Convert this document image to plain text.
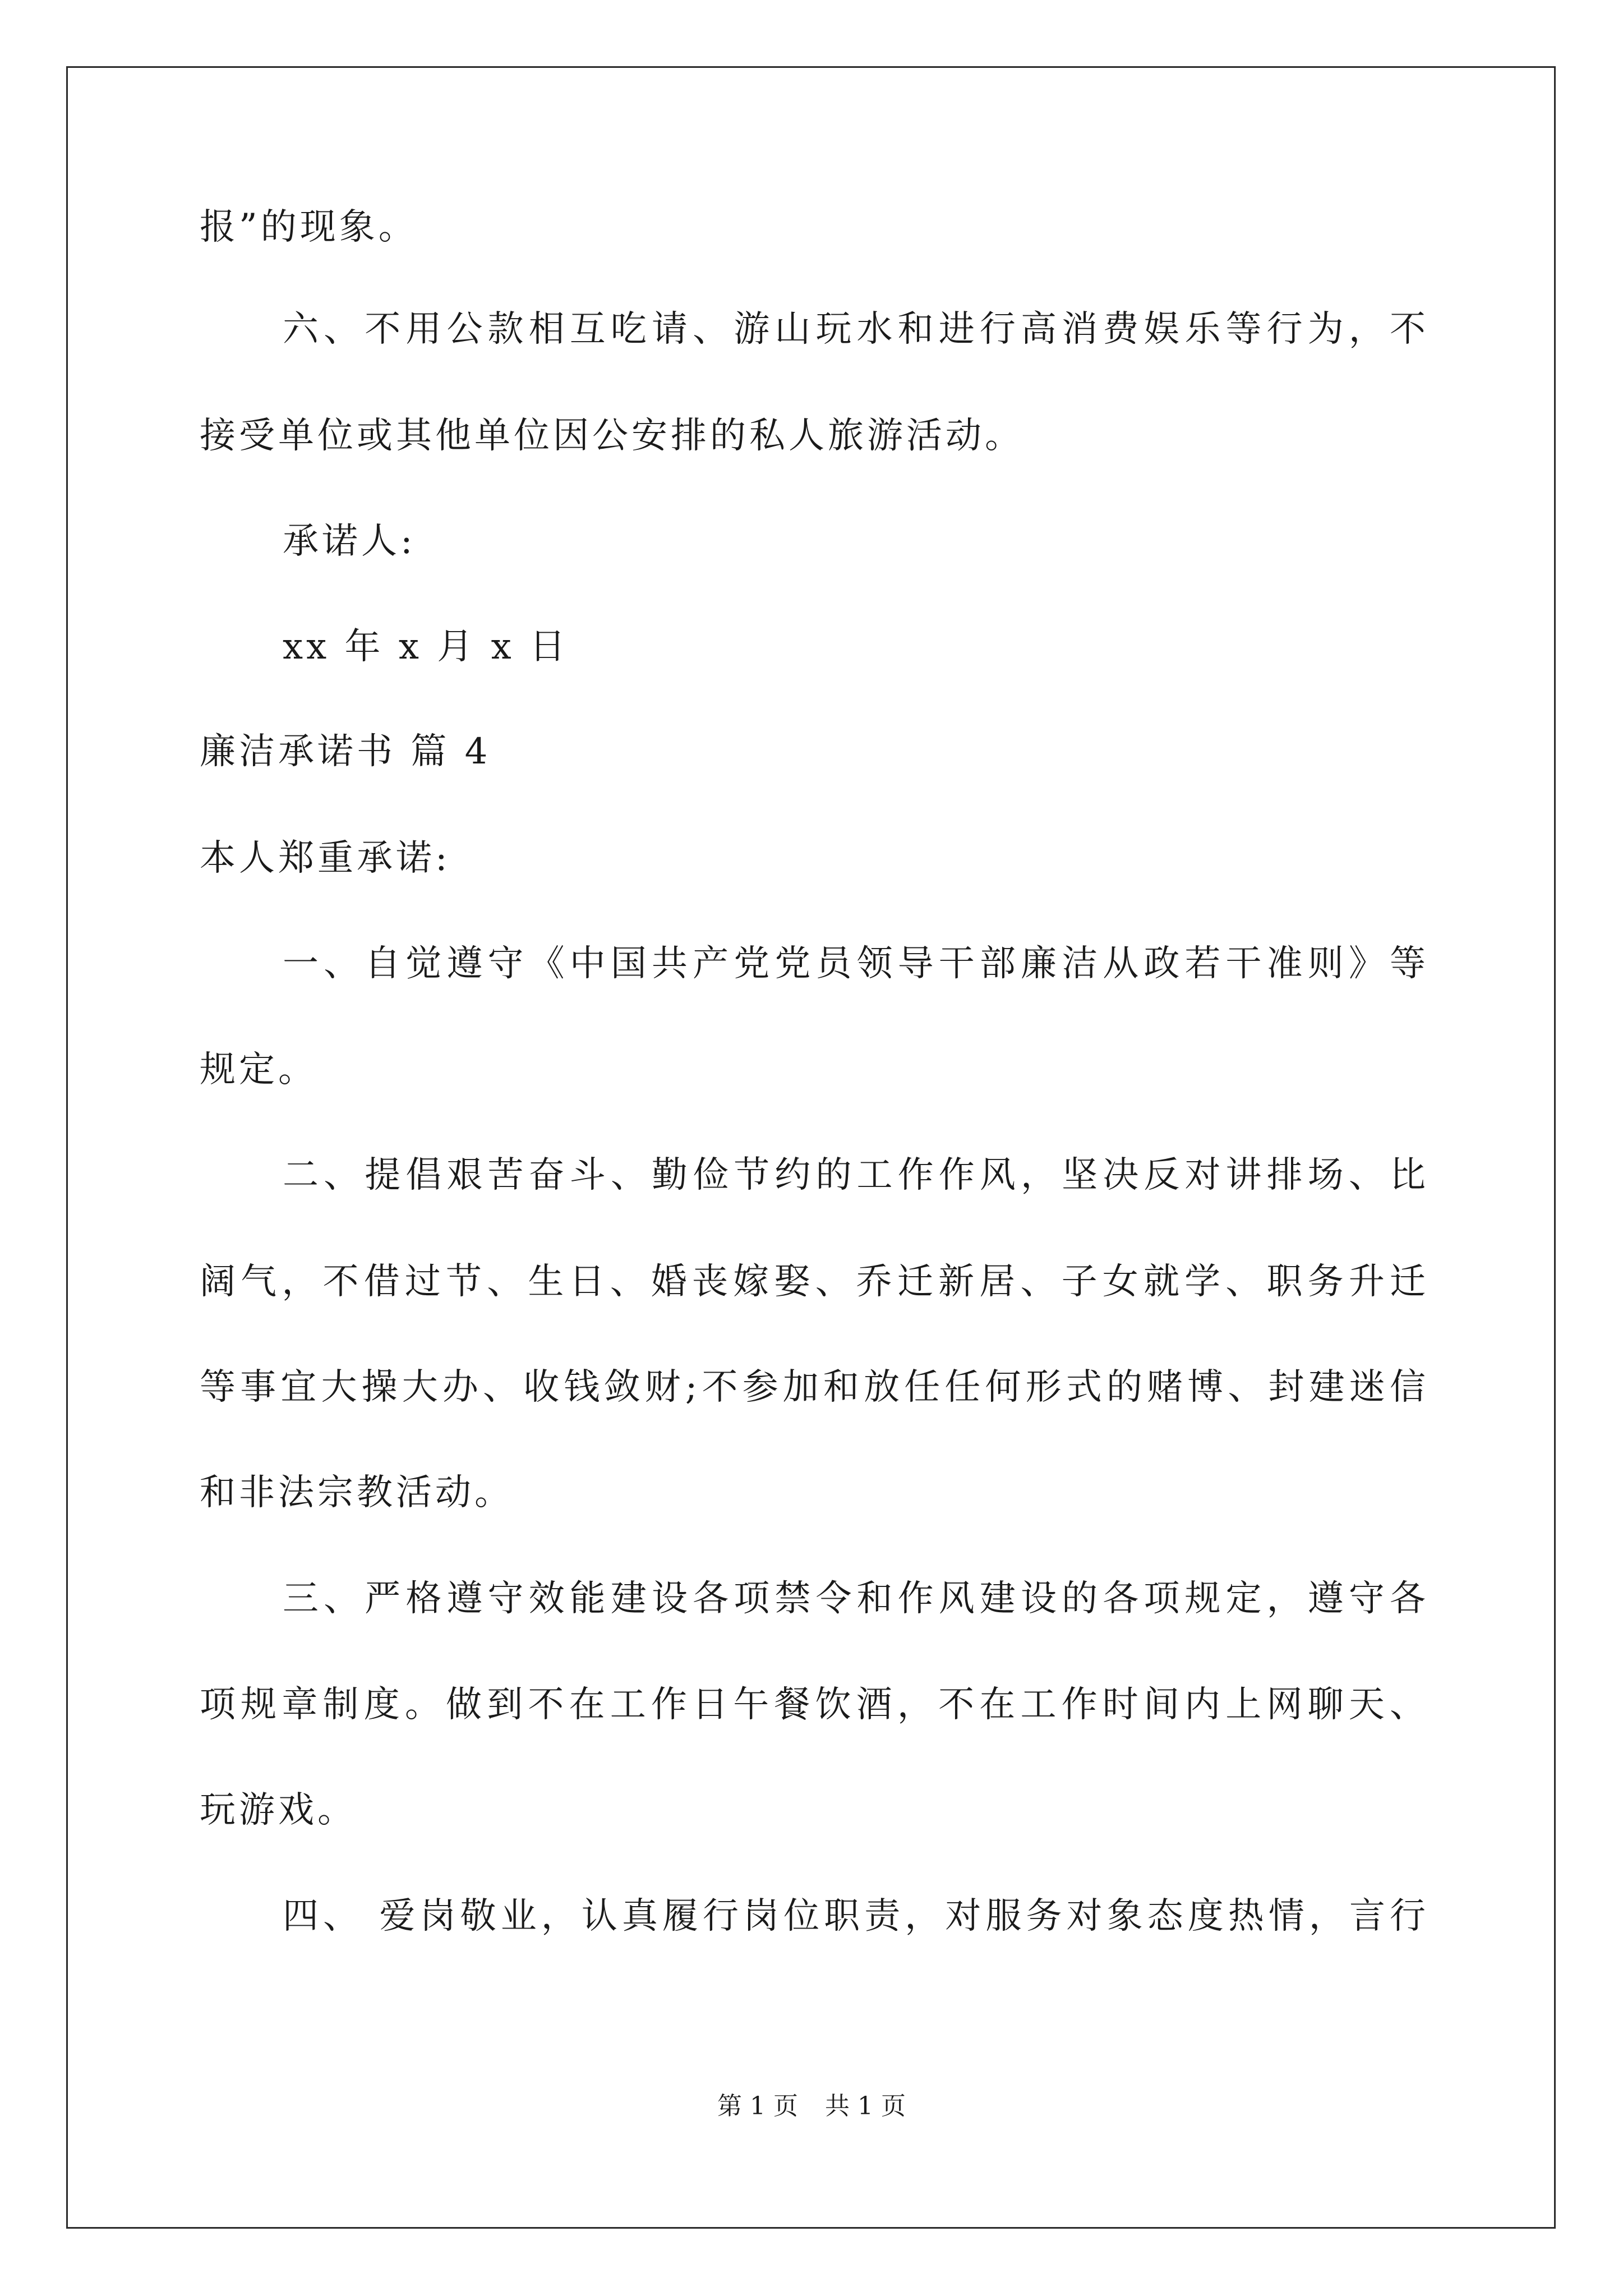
报”的现象。
六、不用公款相互吃请、游山玩水和进行高消费娱乐等行为，不
接受单位或其他单位因公安排的私人旅游活动。
承诺人:
xx 年 x 月 x 日
廉洁承诺书 篇 4
本人郑重承诺:
一、自觉遵守《中国共产党党员领导干部廉洁从政若干准则》等
规定。
二、提倡艰苦奋斗、勤俭节约的工作作风，坚决反对讲排场、比
阔气，不借过节、生日、婚丧嫁娶、乔迁新居、子女就学、职务升迁
等事宜大操大办、收钱敛财;不参加和放任任何形式的赌博、封建迷信
和非法宗教活动。
三、严格遵守效能建设各项禁令和作风建设的各项规定，遵守各
项规章制度。做到不在工作日午餐饮酒，不在工作时间内上网聊天、
玩游戏。
四、 爱岗敬业，认真履行岗位职责，对服务对象态度热情，言行
第 1 页 共 1 页
